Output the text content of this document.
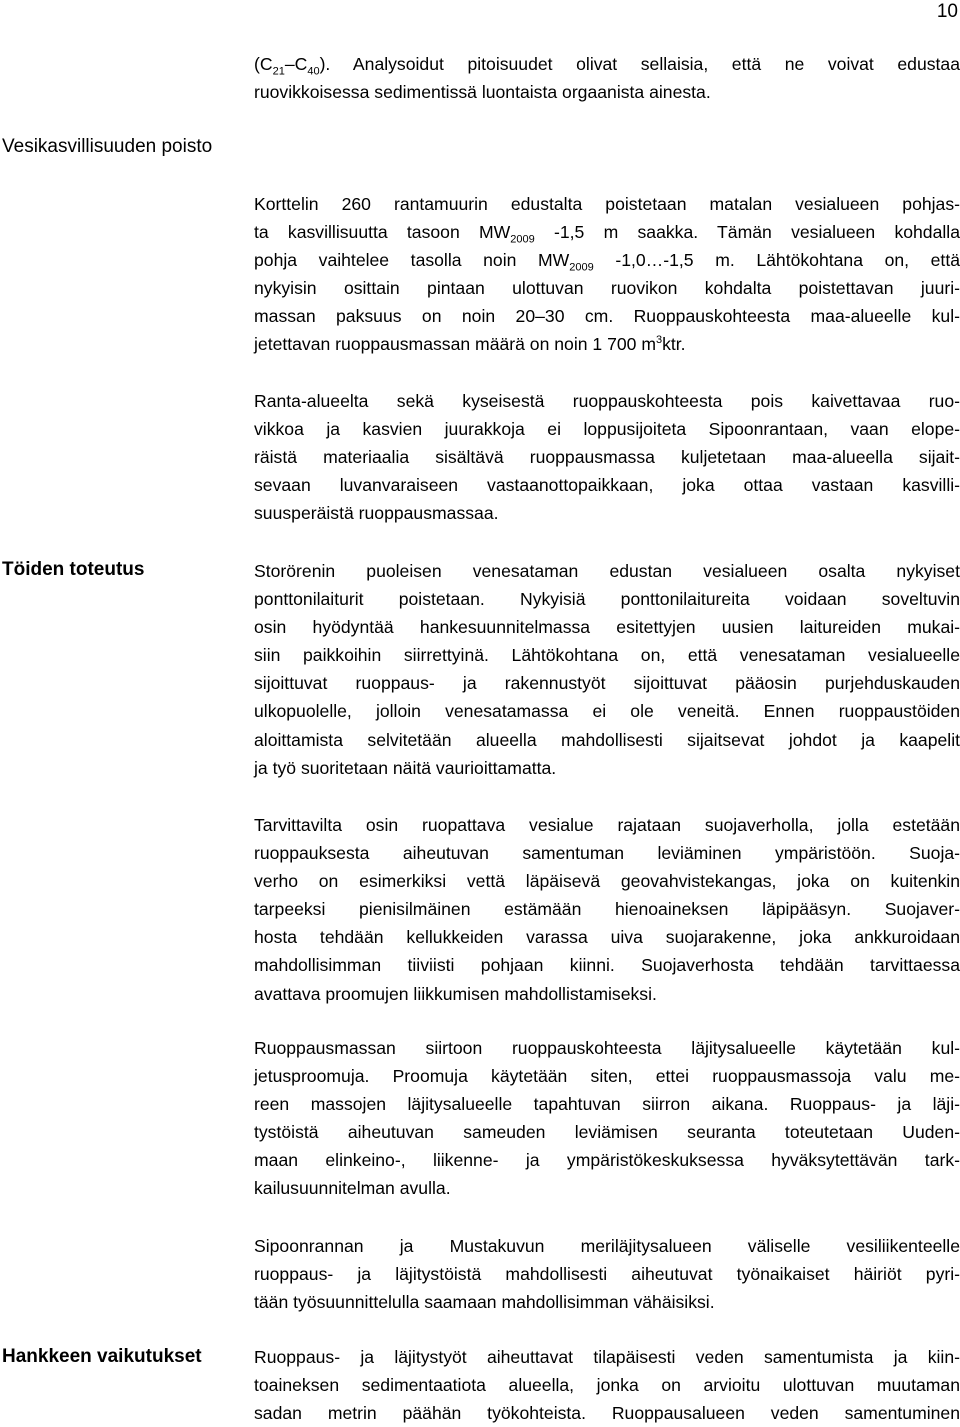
10
$(C_{21}-C_{40})$. Analysoidut pitoisuudet olivat sellaisia, että ne voivat edustaa
ruovikkoisessa sedimentissä luontaista orgaanista ainesta.
Vesikasvillisuuden poisto
Korttelin 260 rantamuurin edustalta poistetaan matalan vesialueen pohjas-
ta kasvillisuutta tasoon $MW_{2009}$ -1,5 m saakka. Tämän vesialueen kohdalla
pohja vaihtelee tasolla noin $MW_{2009}$ -1,0…-1,5 m. Lähtökohtana on, että
nykyisin osittain pintaan ulottuvan ruovikon kohdalta poistettavan juuri-
massan paksuus on noin 20–30 cm. Ruoppauskohteesta maa-alueelle kul-
jetettavan ruoppausmassan määrä on noin 1 700 $m^3ktr$.
Ranta-alueelta sekä kyseisestä ruoppauskohteesta pois kaivettavaa ruo-
vikkoa ja kasvien juurakkoja ei loppusijoiteta Sipoonrantaan, vaan elope-
räistä materiaalia sisältävä ruoppausmassa kuljetetaan maa-alueella sijait-
sevaan luvanvaraiseen vastaanottopaikkaan, joka ottaa vastaan kasvilli-
suusperäistä ruoppausmassaa.
Töiden toteutus	Storörenin puoleisen venesataman edustan vesialueen osalta nykyiset
ponttonilaiturit poistetaan. Nykyisiä ponttonilaitureita voidaan soveltuvin
osin hyödyntää hankesuunnitelmassa esitettyjen uusien laitureiden mukai-
siin paikkoihin siirrettyinä. Lähtökohtana on, että venesataman vesialueelle
sijoittuvat ruoppaus- ja rakennustyöt sijoittuvat pääosin purjehduskauden
ulkopuolelle, jolloin venesatamassa ei ole veneitä. Ennen ruoppaustöiden
aloittamista selvitetään alueella mahdollisesti sijaitsevat johdot ja kaapelit
ja työ suoritetaan näitä vaurioittamatta.
Tarvittavilta osin ruopattava vesialue rajataan suojaverholla, jolla estetään
ruoppauksesta aiheutuvan samentuman leviäminen ympäristöön. Suoja-
verho on esimerkiksi vettä läpäisevä geovahvistekangas, joka on kuitenkin
tarpeeksi pienisilmäinen estämään hienoaineksen läpipääsyn. Suojaver-
hosta tehdään kellukkeiden varassa uiva suojarakenne, joka ankkuroidaan
mahdollisimman tiiviisti pohjaan kiinni. Suojaverhosta tehdään tarvittaessa
avattava proomujen liikkumisen mahdollistamiseksi.
Ruoppausmassan siirtoon ruoppauskohteesta läjitysalueelle käytetään kul-
jetusproomuja. Proomuja käytetään siten, ettei ruoppausmassoja valu me-
reen massojen läjitysalueelle tapahtuvan siirron aikana. Ruoppaus- ja läji-
tystöistä aiheutuvan sameuden leviämisen seuranta toteutetaan Uuden-
maan elinkeino-, liikenne- ja ympäristökeskuksessa hyväksytettävän tark-
kailusuunnitelman avulla.
Sipoonrannan ja Mustakuvun meriläjitysalueen väliselle vesiliikenteelle
ruoppaus- ja läjitystöistä mahdollisesti aiheutuvat työnaikaiset häiriöt pyri-
tään työsuunnittelulla saamaan mahdollisimman vähäisiksi.
Hankkeen vaikutukset	Ruoppaus- ja läjitystyöt aiheuttavat tilapäisesti veden samentumista ja kiin-
toaineksen sedimentaatiota alueella, jonka on arvioitu ulottuvan muutaman
sadan metrin päähän työkohteista. Ruoppausalueen veden samentuminen
